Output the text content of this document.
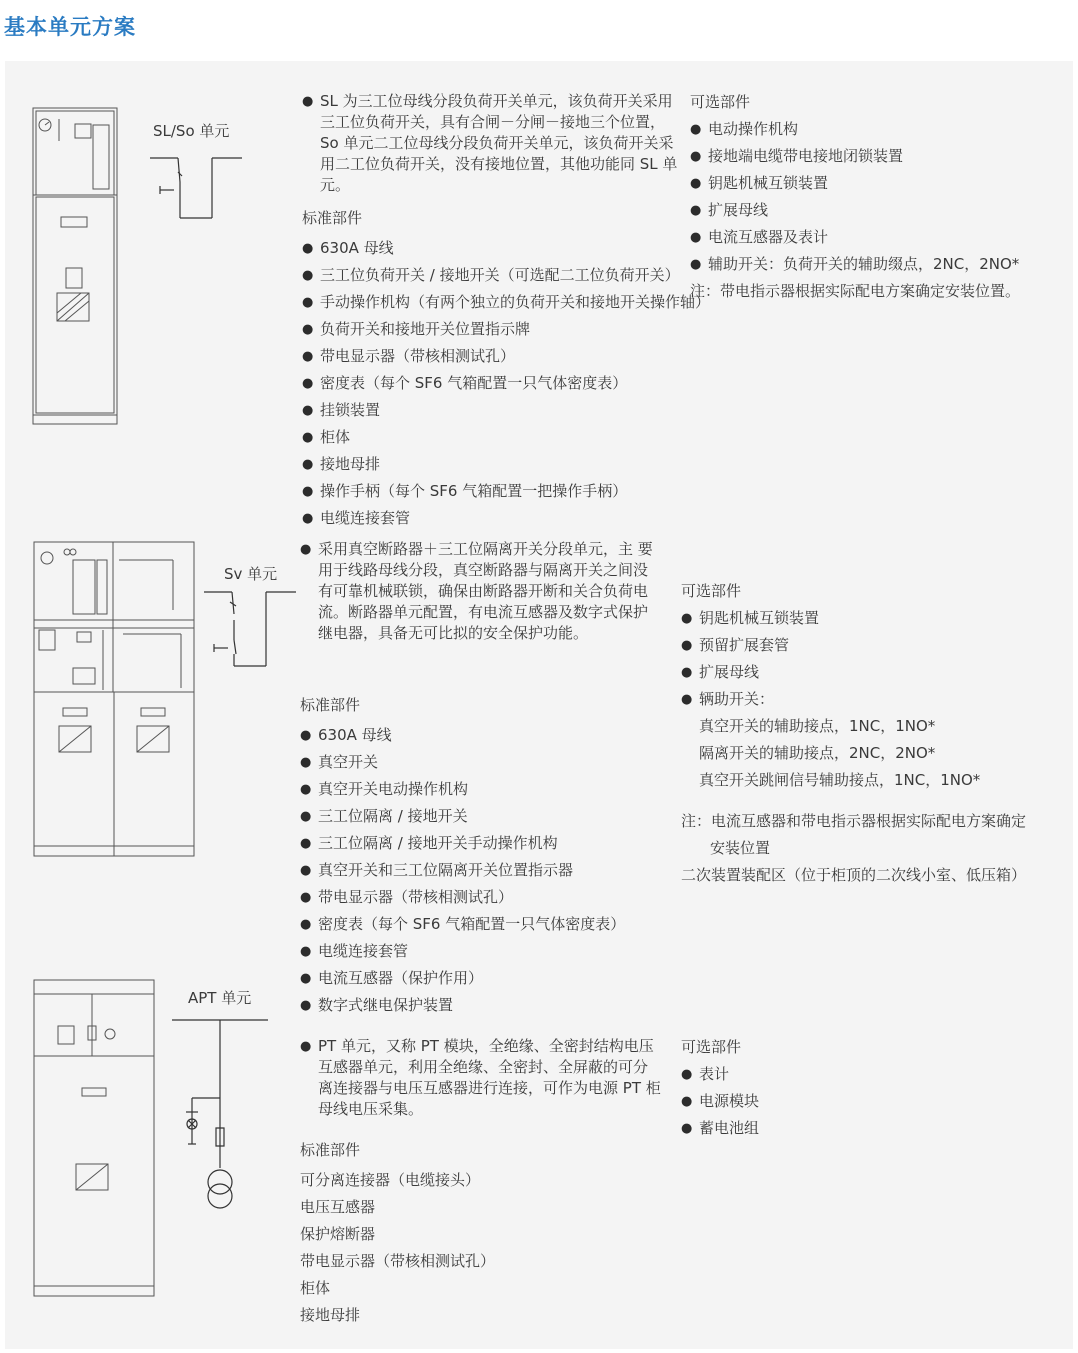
基本单元方案
SL/So 单元

● SL 为三工位母线分段负荷开关单元，该负荷开关采用三工位负荷开关，具有合闸－分闸－接地三个位置，So 单元二工位母线分段负荷开关单元，该负荷开关采用二工位负荷开关，没有接地位置，其他功能同 SL 单元。

标准部件
● 630A 母线
● 三工位负荷开关 / 接地开关（可选配二工位负荷开关）
● 手动操作机构（有两个独立的负荷开关和接地开关操作轴）
● 负荷开关和接地开关位置指示牌
● 带电显示器（带核相测试孔）
● 密度表（每个 SF6 气箱配置一只气体密度表）
● 挂锁装置
● 柜体
● 接地母排
● 操作手柄（每个 SF6 气箱配置一把操作手柄）
● 电缆连接套管
可选部件
● 电动操作机构
● 接地端电缆带电接地闭锁装置
● 钥匙机械互锁装置
● 扩展母线
● 电流互感器及表计
● 辅助开关：负荷开关的辅助缀点，2NC，2NO*
注：带电指示器根据实际配电方案确定安装位置。
Sv 单元

● 采用真空断路器＋三工位隔离开关分段单元，主 要用于线路母线分段，真空断路器与隔离开关之间没有可靠机械联锁，确保由断路器开断和关合负荷电流。断路器单元配置，有电流互感器及数字式保护继电器，具备无可比拟的安全保护功能。

标准部件
● 630A 母线
● 真空开关
● 真空开关电动操作机构
● 三工位隔离 / 接地开关
● 三工位隔离 / 接地开关手动操作机构
● 真空开关和三工位隔离开关位置指示器
● 带电显示器（带核相测试孔）
● 密度表（每个 SF6 气箱配置一只气体密度表）
● 电缆连接套管
● 电流互感器（保护作用）
● 数字式继电保护装置
可选部件
● 钥匙机械互锁装置
● 预留扩展套管
● 扩展母线
● 辆助开关：
真空开关的辅助接点，1NC，1NO*
隔离开关的辅助接点，2NC，2NO*
真空开关跳闸信号辅助接点，1NC，1NO*
注：电流互感器和带电指示器根据实际配电方案确定
安装位置
二次装置装配区（位于柜顶的二次线小室、低压箱）
APT 单元

● PT 单元，又称 PT 模块，全绝缘、全密封结构电压互感器单元，利用全绝缘、全密封、全屏蔽的可分离连接器与电压互感器进行连接，可作为电源 PT 柜母线电压采集。

标准部件
可分离连接器（电缆接头）
电压互感器
保护熔断器
带电显示器（带核相测试孔）
柜体
接地母排
可选部件
● 表计
● 电源模块
● 蓄电池组
